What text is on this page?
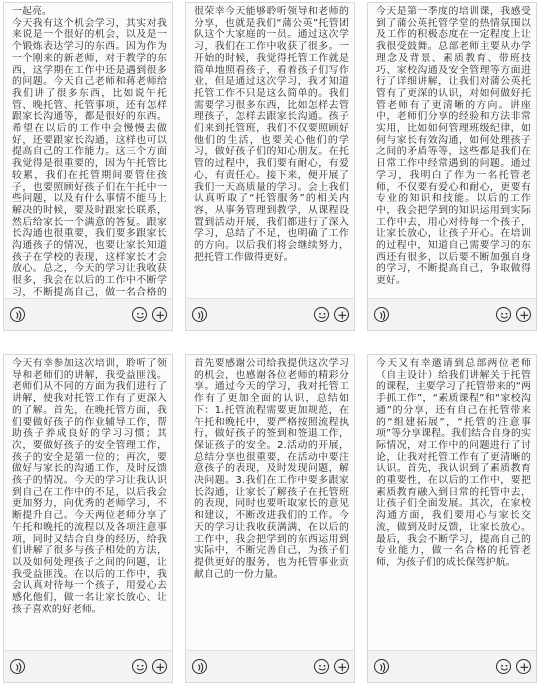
一起亮。
今天我有这个机会学习，其实对我来说是一个很好的机会，以及是一个锻炼表达学习的东西。因为作为一个刚来的新老师，对于教学的东西，这学期在工作中还是遇到很多的问题。今天自己老师和蒋老师给我们讲了很多东西，比如说午托管、晚托管、托管事项，还有怎样跟家长沟通等，都是很好的东西。希望在以后的工作中会慢慢去做好，还要跟家长沟通，这样也可以提高自己的工作能力。这三个方面我觉得是很重要的，因为午托管比较累，我们在托管期间要管住孩子，也要照顾好孩子们在午托中一些问题，以及有什么事情不能马上解决的时候，要及时跟家长联系，然后给家长一个满意的答复。跟家长沟通也很重要，我们要多跟家长沟通孩子的情况，也要让家长知道孩子在学校的表现，这样家长才会放心。总之，今天的学习让我收获很多，我会在以后的工作中不断学习，不断提高自己，做一名合格的
很荣幸今天能够聆听领导和老师的分享，也就是我们“蒲公英”托管团队这个大家庭的一员。通过这次学习，我们在工作中收获了很多。一开始的时候，我觉得托管工作就是简单地照看孩子，看着孩子们写作业，但是通过这次学习，我才知道托管工作不只是这么简单的。我们需要学习很多东西，比如怎样去管理孩子，怎样去跟家长沟通。孩子们来到托管班，我们不仅要照顾好他们的生活，也要关心他们的学习，做好孩子们的知心朋友。在托管的过程中，我们要有耐心，有爱心，有责任心。接下来，便开展了我们一天高质量的学习。会上我们认真听取了“托管服务”的相关内容，从事务管理到教学，从课程设置到活动开展，我们都进行了深入学习，总结了不足，也明确了工作的方向。以后我们将会继续努力，把托管工作做得更好。
今天是第一季度的培训课，我感受到了蒲公英托管学堂的热情氛围以及工作的积极态度在一定程度上让我很受鼓舞。总部老师主要从办学理念及背景、素质教育、带班技巧、家校沟通及安全管理等方面进行了详细讲解，让我们对蒲公英托管有了更深的认识，对如何做好托管老师有了更清晰的方向。讲座中，老师们分享的经验和方法非常实用，比如如何管理班级纪律，如何与家长有效沟通，如何处理孩子之间的矛盾等等，这些都是我们在日常工作中经常遇到的问题。通过学习，我明白了作为一名托管老师，不仅要有爱心和耐心，更要有专业的知识和技能。以后的工作中，我会把学到的知识运用到实际工作中去，用心对待每一个孩子，让家长放心，让孩子开心。在培训的过程中，知道自己需要学习的东西还有很多，以后要不断加强自身的学习，不断提高自己，争取做得更好。
今天有幸参加这次培训，聆听了领导和老师们的讲解，我受益匪浅。老师们从不同的方面为我们进行了讲解，使我对托管工作有了更深入的了解。首先，在晚托管方面，我们要做好孩子的作业辅导工作，帮助孩子养成良好的学习习惯；其次，要做好孩子的安全管理工作，孩子的安全是第一位的；再次，要做好与家长的沟通工作，及时反馈孩子的情况。今天的学习让我认识到自己在工作中的不足，以后我会更加努力，向优秀的老师学习，不断提升自己。今天两位老师分享了午托和晚托的流程以及各项注意事项，同时又结合自身的经历，给我们讲解了很多与孩子相处的方法，以及如何处理孩子之间的问题，让我受益匪浅。在以后的工作中，我会认真对待每一个孩子，用爱心去感化他们，做一名让家长放心、让孩子喜欢的好老师。
首先要感谢公司给我提供这次学习的机会，也感谢各位老师的精彩分享。通过今天的学习，我对托管工作有了更加全面的认识，总结如下：1.托管流程需要更加规范，在午托和晚托中，要严格按照流程执行，做好孩子的签到和签退工作，保证孩子的安全。2.活动的开展，总结分享也很重要，在活动中要注意孩子的表现，及时发现问题，解决问题。3.我们在工作中要多跟家长沟通，让家长了解孩子在托管班的表现，同时也要听取家长的意见和建议，不断改进我们的工作。今天的学习让我收获满满，在以后的工作中，我会把学到的东西运用到实际中，不断完善自己，为孩子们提供更好的服务，也为托管事业贡献自己的一份力量。
今天又有幸邀请到总部两位老师（自主设计）给我们讲解关于托管的课程，主要学习了托管带来的“两手抓工作”，“素质课程”和“家校沟通”的分享，还有自己在托管带来的“组建拓展”，“托管的注意事项”等分享课程。我们结合自身的实际情况，对工作中的问题进行了讨论，让我对托管工作有了更清晰的认识。首先，我认识到了素质教育的重要性，在以后的工作中，要把素质教育融入到日常的托管中去，让孩子们全面发展。其次，在家校沟通方面，我们要用心与家长交流，做到及时反馈，让家长放心。最后，我会不断学习，提高自己的专业能力，做一名合格的托管老师，为孩子们的成长保驾护航。
